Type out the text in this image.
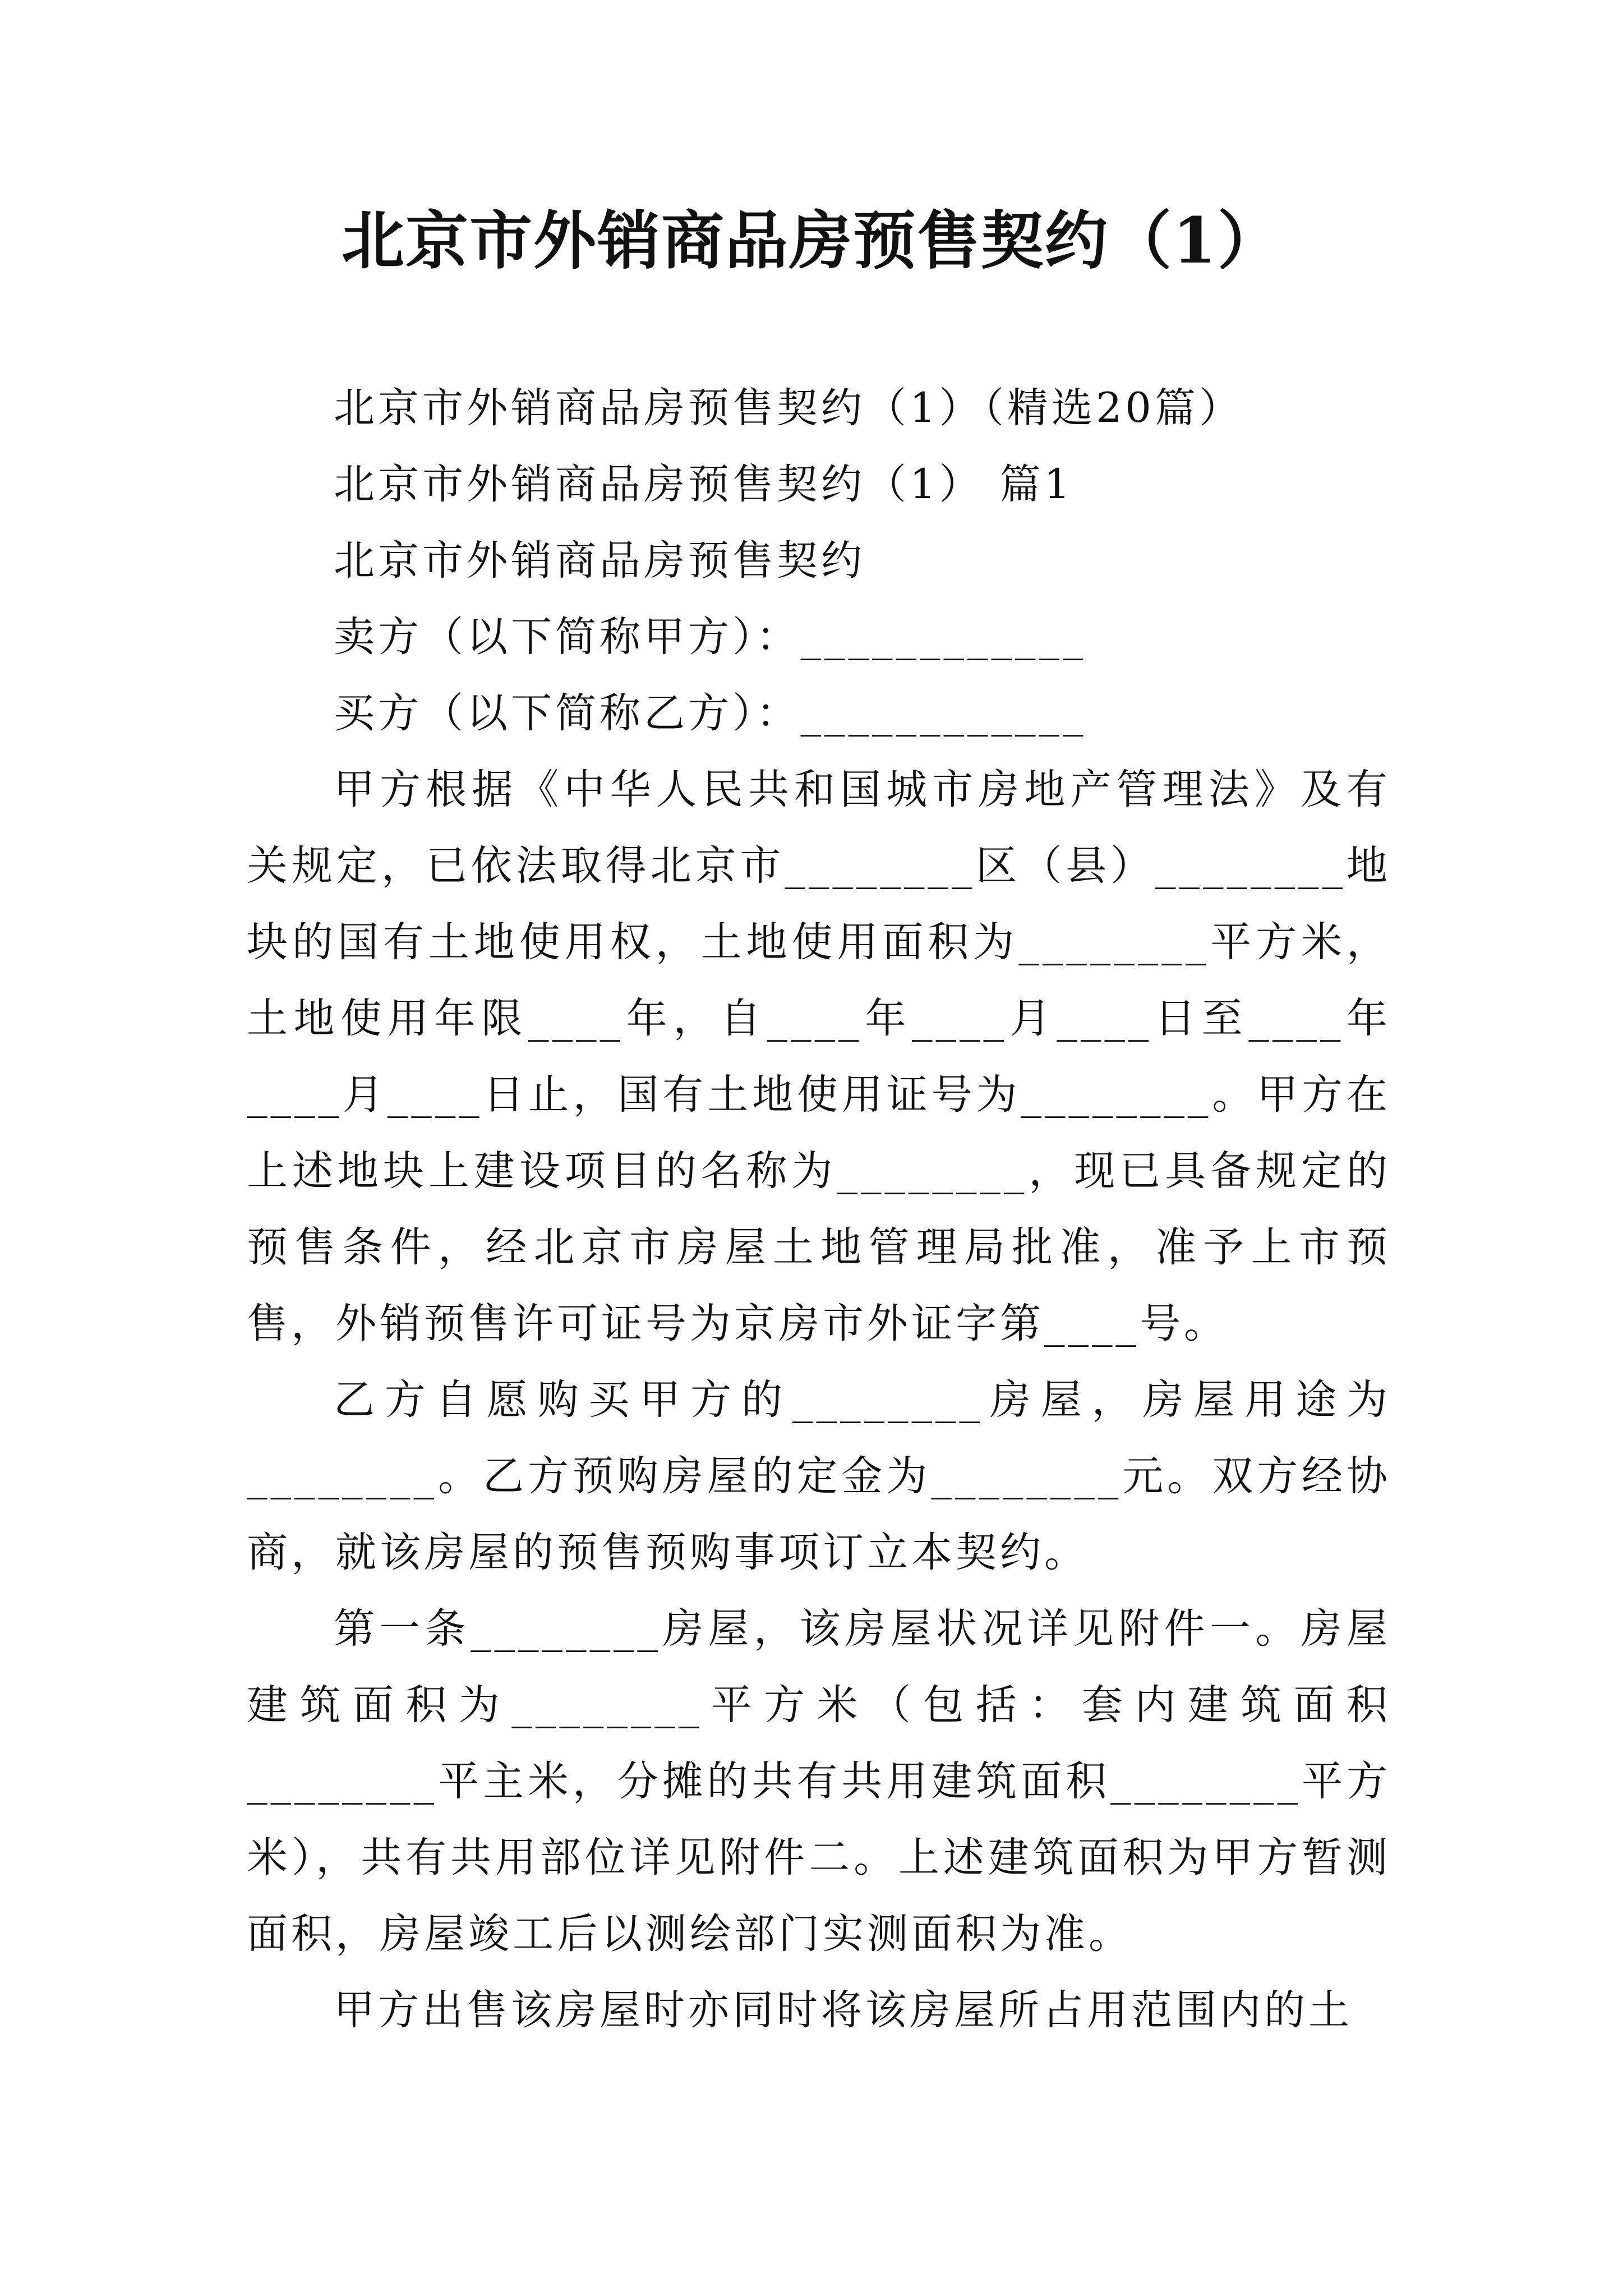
北京市外销商品房预售契约（1）

北京市外销商品房预售契约（1）（精选20篇）

北京市外销商品房预售契约（1） 篇1

北京市外销商品房预售契约

卖方（以下简称甲方）：____________

买方（以下简称乙方）：____________

甲方根据《中华人民共和国城市房地产管理法》及有关规定，已依法取得北京市________区（县）________地块的国有土地使用权，土地使用面积为________平方米，土地使用年限____年，自____年____月____日至____年____月____日止，国有土地使用证号为________。甲方在上述地块上建设项目的名称为________，现已具备规定的预售条件，经北京市房屋土地管理局批准，准予上市预售，外销预售许可证号为京房市外证字第____号。

乙方自愿购买甲方的________房屋，房屋用途为________。乙方预购房屋的定金为________元。双方经协商，就该房屋的预售预购事项订立本契约。

第一条________房屋，该房屋状况详见附件一。房屋建筑面积为________平方米（包括：套内建筑面积________平主米，分摊的共有共用建筑面积________平方米），共有共用部位详见附件二。上述建筑面积为甲方暂测面积，房屋竣工后以测绘部门实测面积为准。

甲方出售该房屋时亦同时将该房屋所占用范围内的土
